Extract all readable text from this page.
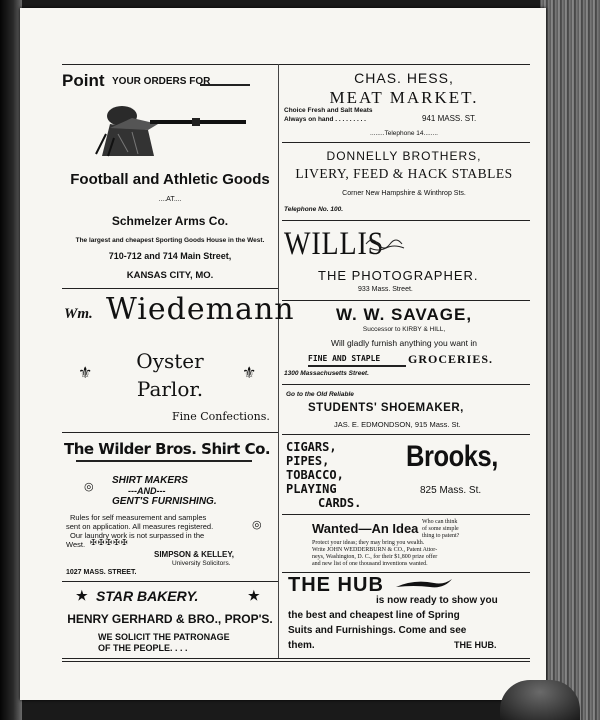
Point YOUR ORDERS FOR
Football and Athletic Goods
....AT....
Schmelzer Arms Co.
The largest and cheapest Sporting Goods House in the West.
710-712 and 714 Main Street,
KANSAS CITY, MO.
Wm. Wiedemann
⚜	⚜
Oyster
Parlor.
Fine Confections.
The Wilder Bros. Shirt Co.
SHIRT MAKERS
---AND---
GENT'S FURNISHING.
◎
◎
Rules for self measurement and samples
sent on application. All measures registered.
Our laundry work is not surpassed in the
West. ✠✠✠✠✠
SIMPSON & KELLEY,
University Solicitors.
1027 MASS. STREET.
★ STAR BAKERY.	★
HENRY GERHARD & BRO., PROP'S.
WE SOLICIT THE PATRONAGE
OF THE PEOPLE. . . .
CHAS. HESS,
MEAT MARKET.
Choice Fresh and Salt Meats
Always on hand . . . . . . . . .	941 MASS. ST.
........Telephone 14........
DONNELLY BROTHERS,
LIVERY, FEED & HACK STABLES
Corner New Hampshire & Winthrop Sts.
Telephone No. 100.
WILLIS
THE PHOTOGRAPHER.
933 Mass. Street.
W. W. SAVAGE,
Successor to KIRBY & HILL,
Will gladly furnish anything you want in
FINE AND STAPLE GROCERIES.
1300 Massachusetts Street.
Go to the Old Reliable
STUDENTS' SHOEMAKER,
JAS. E. EDMONDSON, 915 Mass. St.
CIGARS,
PIPES,
TOBACCO,
PLAYING
CARDS.
Brooks,
825 Mass. St.
Wanted—An Idea Who can think
of some simple
thing to patent?
Protect your ideas; they may bring you wealth.
Write JOHN WEDDERBURN & CO., Patent Attor-
neys, Washington, D. C., for their $1,800 prize offer
and new list of one thousand inventions wanted.
THE HUB
is now ready to show you
the best and cheapest line of Spring
Suits and Furnishings. Come and see
them.	THE HUB.
